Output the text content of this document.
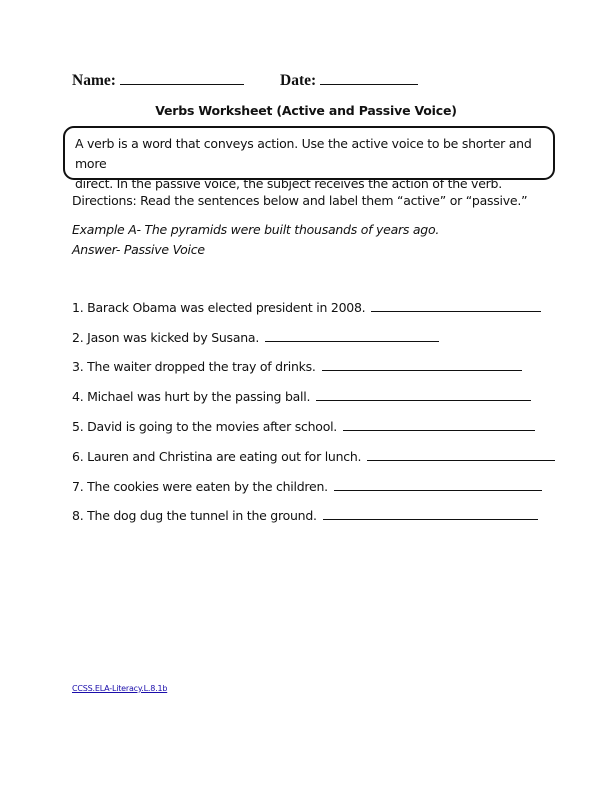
Name:	Date:
Verbs Worksheet (Active and Passive Voice)
A verb is a word that conveys action. Use the active voice to be shorter and more
direct. In the passive voice, the subject receives the action of the verb.
Directions: Read the sentences below and label them “active” or “passive.”
Example A- The pyramids were built thousands of years ago.
Answer- Passive Voice
1. Barack Obama was elected president in 2008.
2. Jason was kicked by Susana.
3. The waiter dropped the tray of drinks.
4. Michael was hurt by the passing ball.
5. David is going to the movies after school.
6. Lauren and Christina are eating out for lunch.
7. The cookies were eaten by the children.
8. The dog dug the tunnel in the ground.
CCSS.ELA-Literacy.L.8.1b
